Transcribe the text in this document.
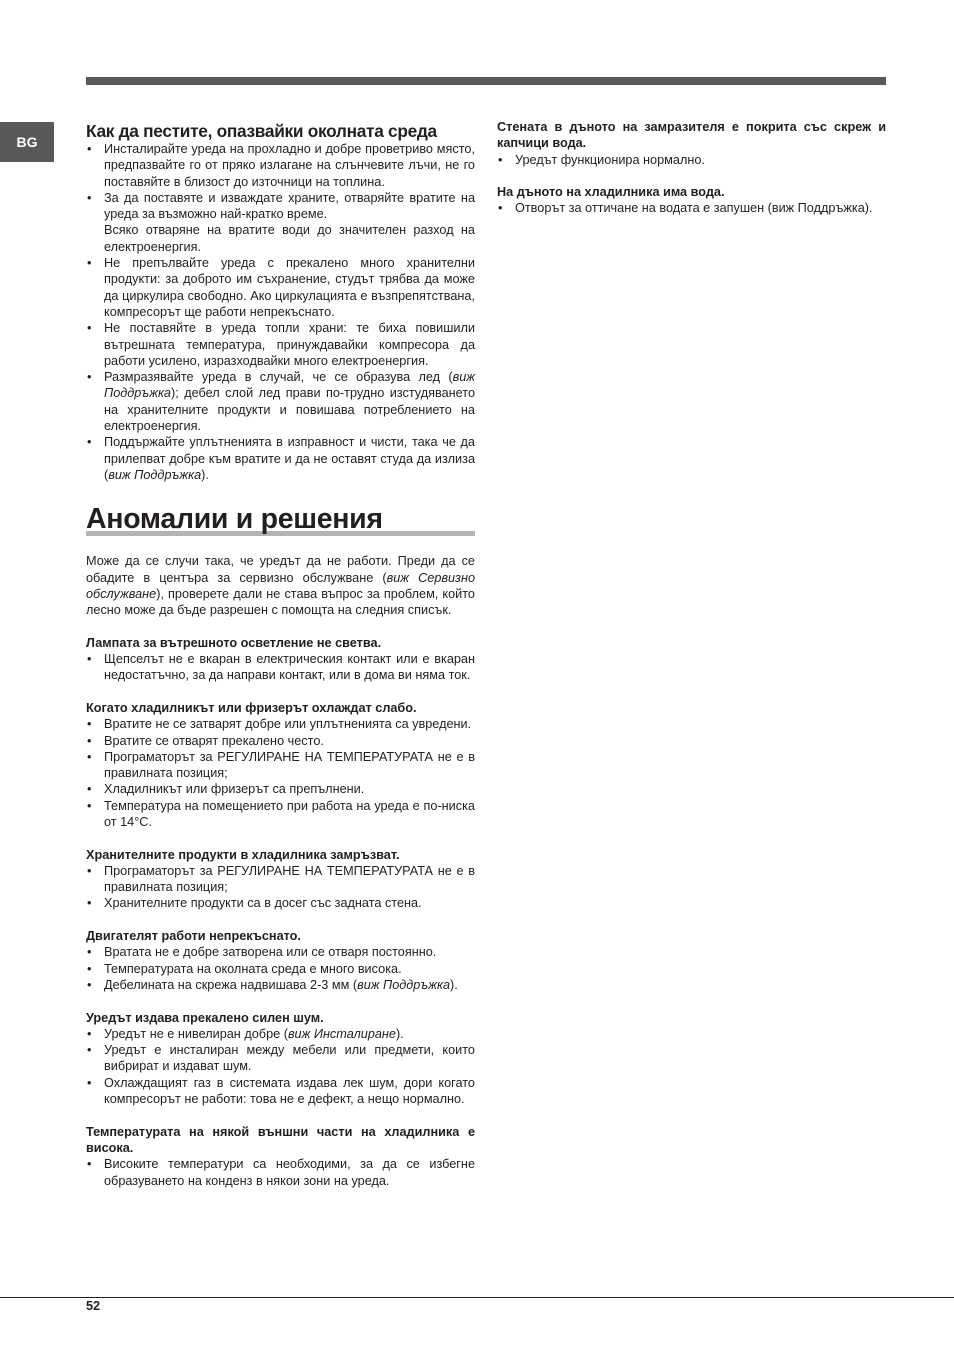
BG
Как да пестите, опазвайки околната среда
• Инсталирайте уреда на прохладно и добре проветриво място, предпазвайте го от пряко излагане на слънчевите лъчи, не го поставяйте в близост до източници на топлина.
• За да поставяте и изваждате храните, отваряйте вратите на уреда за възможно най-кратко време.
Всяко отваряне на вратите води до значителен разход на електроенергия.
• Не препълвайте уреда с прекалено много хранителни продукти: за доброто им съхранение, студът трябва да може да циркулира свободно. Ако циркулацията е възпрепятствана, компресорът ще работи непрекъснато.
• Не поставяйте в уреда топли храни: те биха повишили вътрешната температура, принуждавайки компресора да работи усилено, изразходвайки много електроенергия.
• Размразявайте уреда в случай, че се образува лед (виж Поддръжка); дебел слой лед прави по-трудно изстудяването на хранителните продукти и повишава потреблението на електроенергия.
• Поддържайте уплътненията в изправност и чисти, така че да прилепват добре към вратите и да не оставят студа да излиза (виж Поддръжка).
Аномалии и решения
Може да се случи така, че уредът да не работи. Преди да се обадите в центъра за сервизно обслужване (виж Сервизно обслужване), проверете дали не става въпрос за проблем, който лесно може да бъде разрешен с помощта на следния списък.
Лампата за вътрешното осветление не светва.
• Щепселът не е вкаран в електрическия контакт или е вкаран недостатъчно, за да направи контакт, или в дома ви няма ток.
Когато хладилникът или фризерът охлаждат слабо.
• Вратите не се затварят добре или уплътненията са увредени.
• Вратите се отварят прекалено често.
• Програматорът за РЕГУЛИРАНЕ НА ТЕМПЕРАТУРАТА не е в правилната позиция;
• Хладилникът или фризерът са препълнени.
• Температура на помещението при работа на уреда е по-ниска от 14°C.
Хранителните продукти в хладилника замръзват.
• Програматорът за РЕГУЛИРАНЕ НА ТЕМПЕРАТУРАТА не е в правилната позиция;
• Хранителните продукти са в досег със задната стена.
Двигателят работи непрекъснато.
• Вратата не е добре затворена или се отваря постоянно.
• Температурата на околната среда е много висока.
• Дебелината на скрежа надвишава 2-3 мм (виж Поддръжка).
Уредът издава прекалено силен шум.
• Уредът не е нивелиран добре (виж Инсталиране).
• Уредът е инсталиран между мебели или предмети, които вибрират и издават шум.
• Охлаждащият газ в системата издава лек шум, дори когато компресорът не работи: това не е дефект, а нещо нормално.
Температурата на някой външни части на хладилника е висока.
• Високите температури са необходими, за да се избегне образуването на конденз в някои зони на уреда.
Стената в дъното на замразителя е покрита със скреж и капчици вода.
• Уредът функционира нормално.
На дъното на хладилника има вода.
• Отворът за оттичане на водата е запушен (виж Поддръжка).
52
